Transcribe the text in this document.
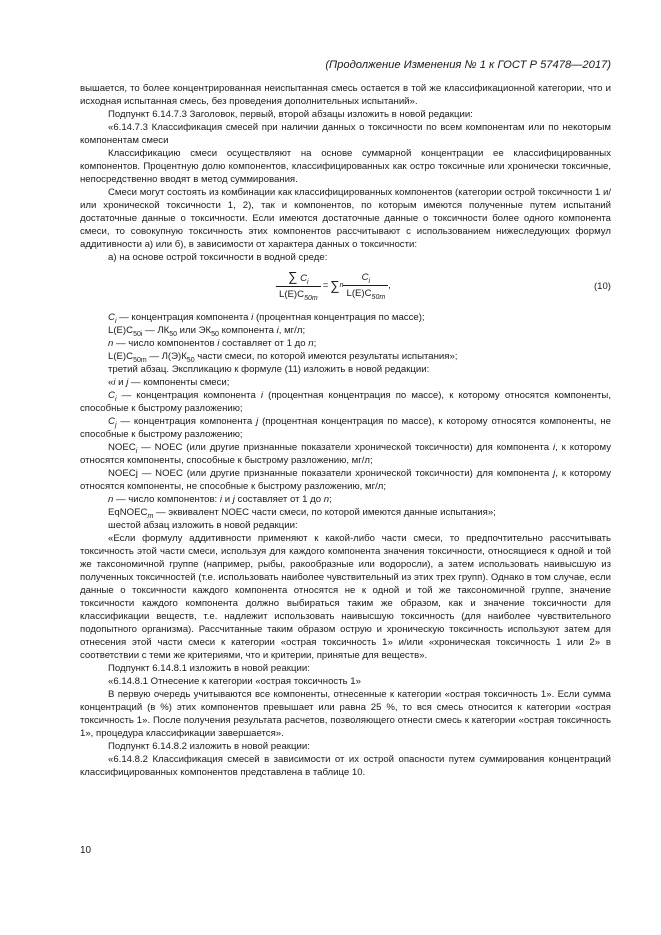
(Продолжение Изменения № 1 к ГОСТ Р 57478—2017)

вышается, то более концентрированная неиспытанная смесь остается в той же классификационной категории, что и исходная испытанная смесь, без проведения дополнительных испытаний».

Подпункт 6.14.7.3 Заголовок, первый, второй абзацы изложить в новой редакции:

«6.14.7.3 Классификация смесей при наличии данных о токсичности по всем компонентам или по некоторым компонентам смеси

Классификацию смеси осуществляют на основе суммарной концентрации ее классифицированных компонентов. Процентную долю компонентов, классифицированных как остро токсичные или хронически токсичные, непосредственно вводят в метод суммирования.

Смеси могут состоять из комбинации как классифицированных компонентов (категории острой токсичности 1 и/или хронической токсичности 1, 2), так и компонентов, по которым имеются полученные путем испытаний достаточные данные о токсичности. Если имеются достаточные данные о токсичности более одного компонента смеси, то совокупную токсичность этих компонентов рассчитывают с использованием нижеследующих формул аддитивности а) или б), в зависимости от характера данных о токсичности:

а) на основе острой токсичности в водной среде:

$\frac{\sum C_i}{L(E)C_{50m}}$ = ∑ n $\frac{C_i}{L(E)C_{50m}}$ ,	(10)

$C_i$ — концентрация компонента i (процентная концентрация по массе);

$L(E)C_{50i}$ — $ЛК_{50}$ или $ЭК_{50}$ компонента i, мг/л;

n — число компонентов i составляет от 1 до n;

$L(E)C_{50m}$ — $Л(Э)К_{50}$ части смеси, по которой имеются результаты испытания»;

третий абзац. Экспликацию к формуле (11) изложить в новой редакции:

«i и j — компоненты смеси;

$C_i$ — концентрация компонента i (процентная концентрация по массе), к которому относятся компоненты, способные к быстрому разложению;

$C_j$ — концентрация компонента j (процентная концентрация по массе), к которому относятся компоненты, не способные к быстрому разложению;

$NOEC_i$ — NOEC (или другие признанные показатели хронической токсичности) для компонента i, к которому относятся компоненты, способные к быстрому разложению, мг/л;

NOECj — NOEC (или другие признанные показатели хронической токсичности) для компонента j, к которому относятся компоненты, не способные к быстрому разложению, мг/л;

n — число компонентов: i и j составляет от 1 до n;

EqNOEC$_m$ — эквивалент NOEC части смеси, по которой имеются данные испытания»;

шестой абзац изложить в новой редакции:

«Если формулу аддитивности применяют к какой-либо части смеси, то предпочтительно рассчитывать токсичность этой части смеси, используя для каждого компонента значения токсичности, относящиеся к одной и той же таксономичной группе (например, рыбы, ракообразные или водоросли), а затем использовать наивысшую из полученных токсичностей (т.е. использовать наиболее чувствительный из этих трех групп). Однако в том случае, если данные о токсичности каждого компонента относятся не к одной и той же таксономичной группе, значение токсичности каждого компонента должно выбираться таким же образом, как и значение токсичности для классификации веществ, т.е. надлежит использовать наивысшую токсичность (для наиболее чувствительного подопытного организма). Рассчитанные таким образом острую и хроническую токсичность используют затем для отнесения этой части смеси к категории «острая токсичность 1» и/или «хроническая токсичность 1 или 2» в соответствии с теми же критериями, что и критерии, принятые для веществ».

Подпункт 6.14.8.1 изложить в новой реакции:

«6.14.8.1 Отнесение к категории «острая токсичность 1»

В первую очередь учитываются все компоненты, отнесенные к категории «острая токсичность 1». Если сумма концентраций (в %) этих компонентов превышает или равна 25 %, то вся смесь относится к категории «острая токсичность 1». После получения результата расчетов, позволяющего отнести смесь к категории «острая токсичность 1», процедура классификации завершается».

Подпункт 6.14.8.2 изложить в новой реакции:

«6.14.8.2 Классификация смесей в зависимости от их острой опасности путем суммирования концентраций классифицированных компонентов представлена в таблице 10.

10
